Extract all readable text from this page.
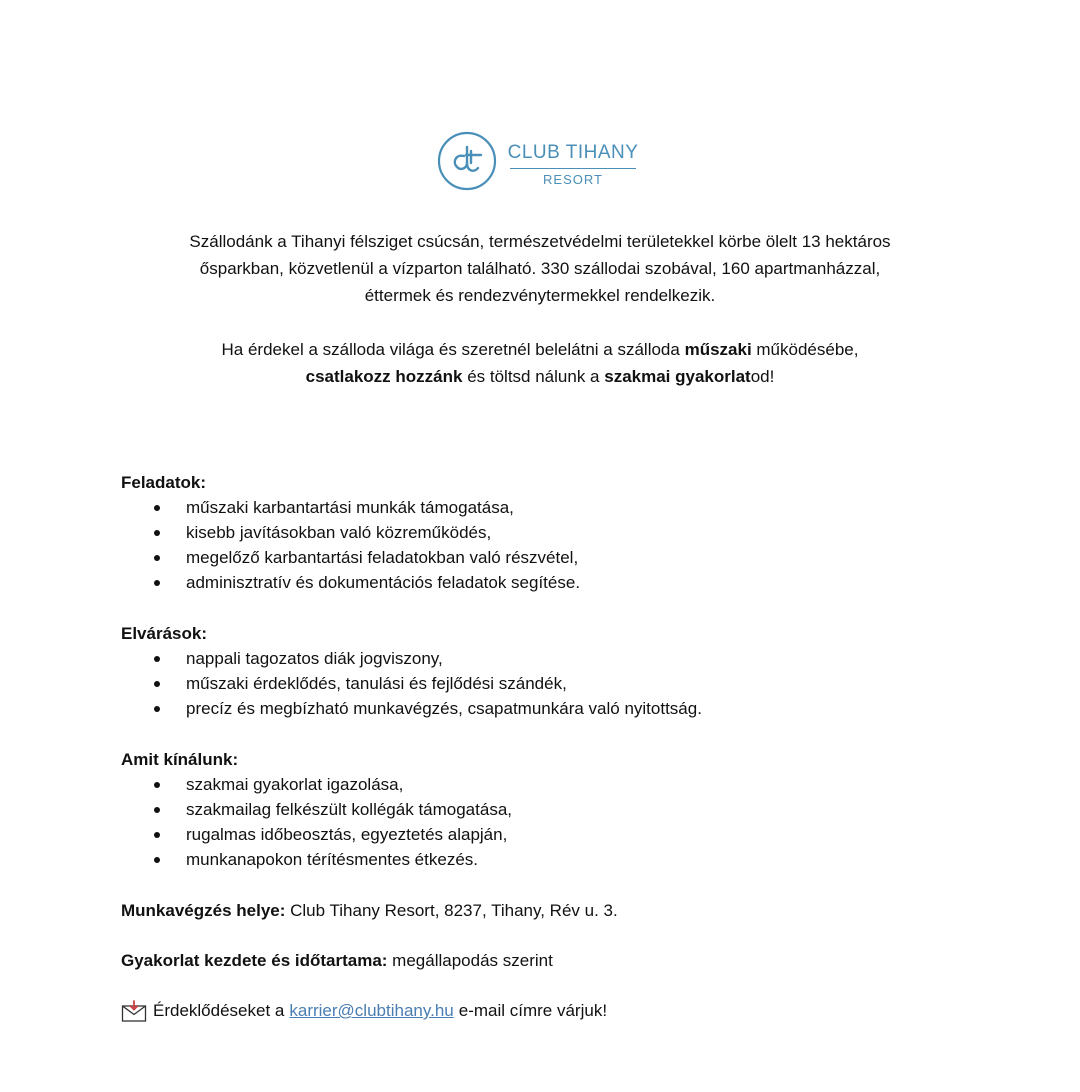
CLUB TIHANY
RESORT

Szállodánk a Tihanyi félsziget csúcsán, természetvédelmi területekkel körbe ölelt 13 hektáros
ősparkban, közvetlenül a vízparton található. 330 szállodai szobával, 160 apartmanházzal,
éttermek és rendezvénytermekkel rendelkezik.

Ha érdekel a szálloda világa és szeretnél belelátni a szálloda műszaki működésébe,
csatlakozz hozzánk és töltsd nálunk a szakmai gyakorlatod!

Feladatok:

műszaki karbantartási munkák támogatása,
kisebb javításokban való közreműködés,
megelőző karbantartási feladatokban való részvétel,
adminisztratív és dokumentációs feladatok segítése.

Elvárások:

nappali tagozatos diák jogviszony,
műszaki érdeklődés, tanulási és fejlődési szándék,
precíz és megbízható munkavégzés, csapatmunkára való nyitottság.

Amit kínálunk:

szakmai gyakorlat igazolása,
szakmailag felkészült kollégák támogatása,
rugalmas időbeosztás, egyeztetés alapján,
munkanapokon térítésmentes étkezés.

Munkavégzés helye: Club Tihany Resort, 8237, Tihany, Rév u. 3.

Gyakorlat kezdete és időtartama: megállapodás szerint

Érdeklődéseket a karrier@clubtihany.hu e-mail címre várjuk!
